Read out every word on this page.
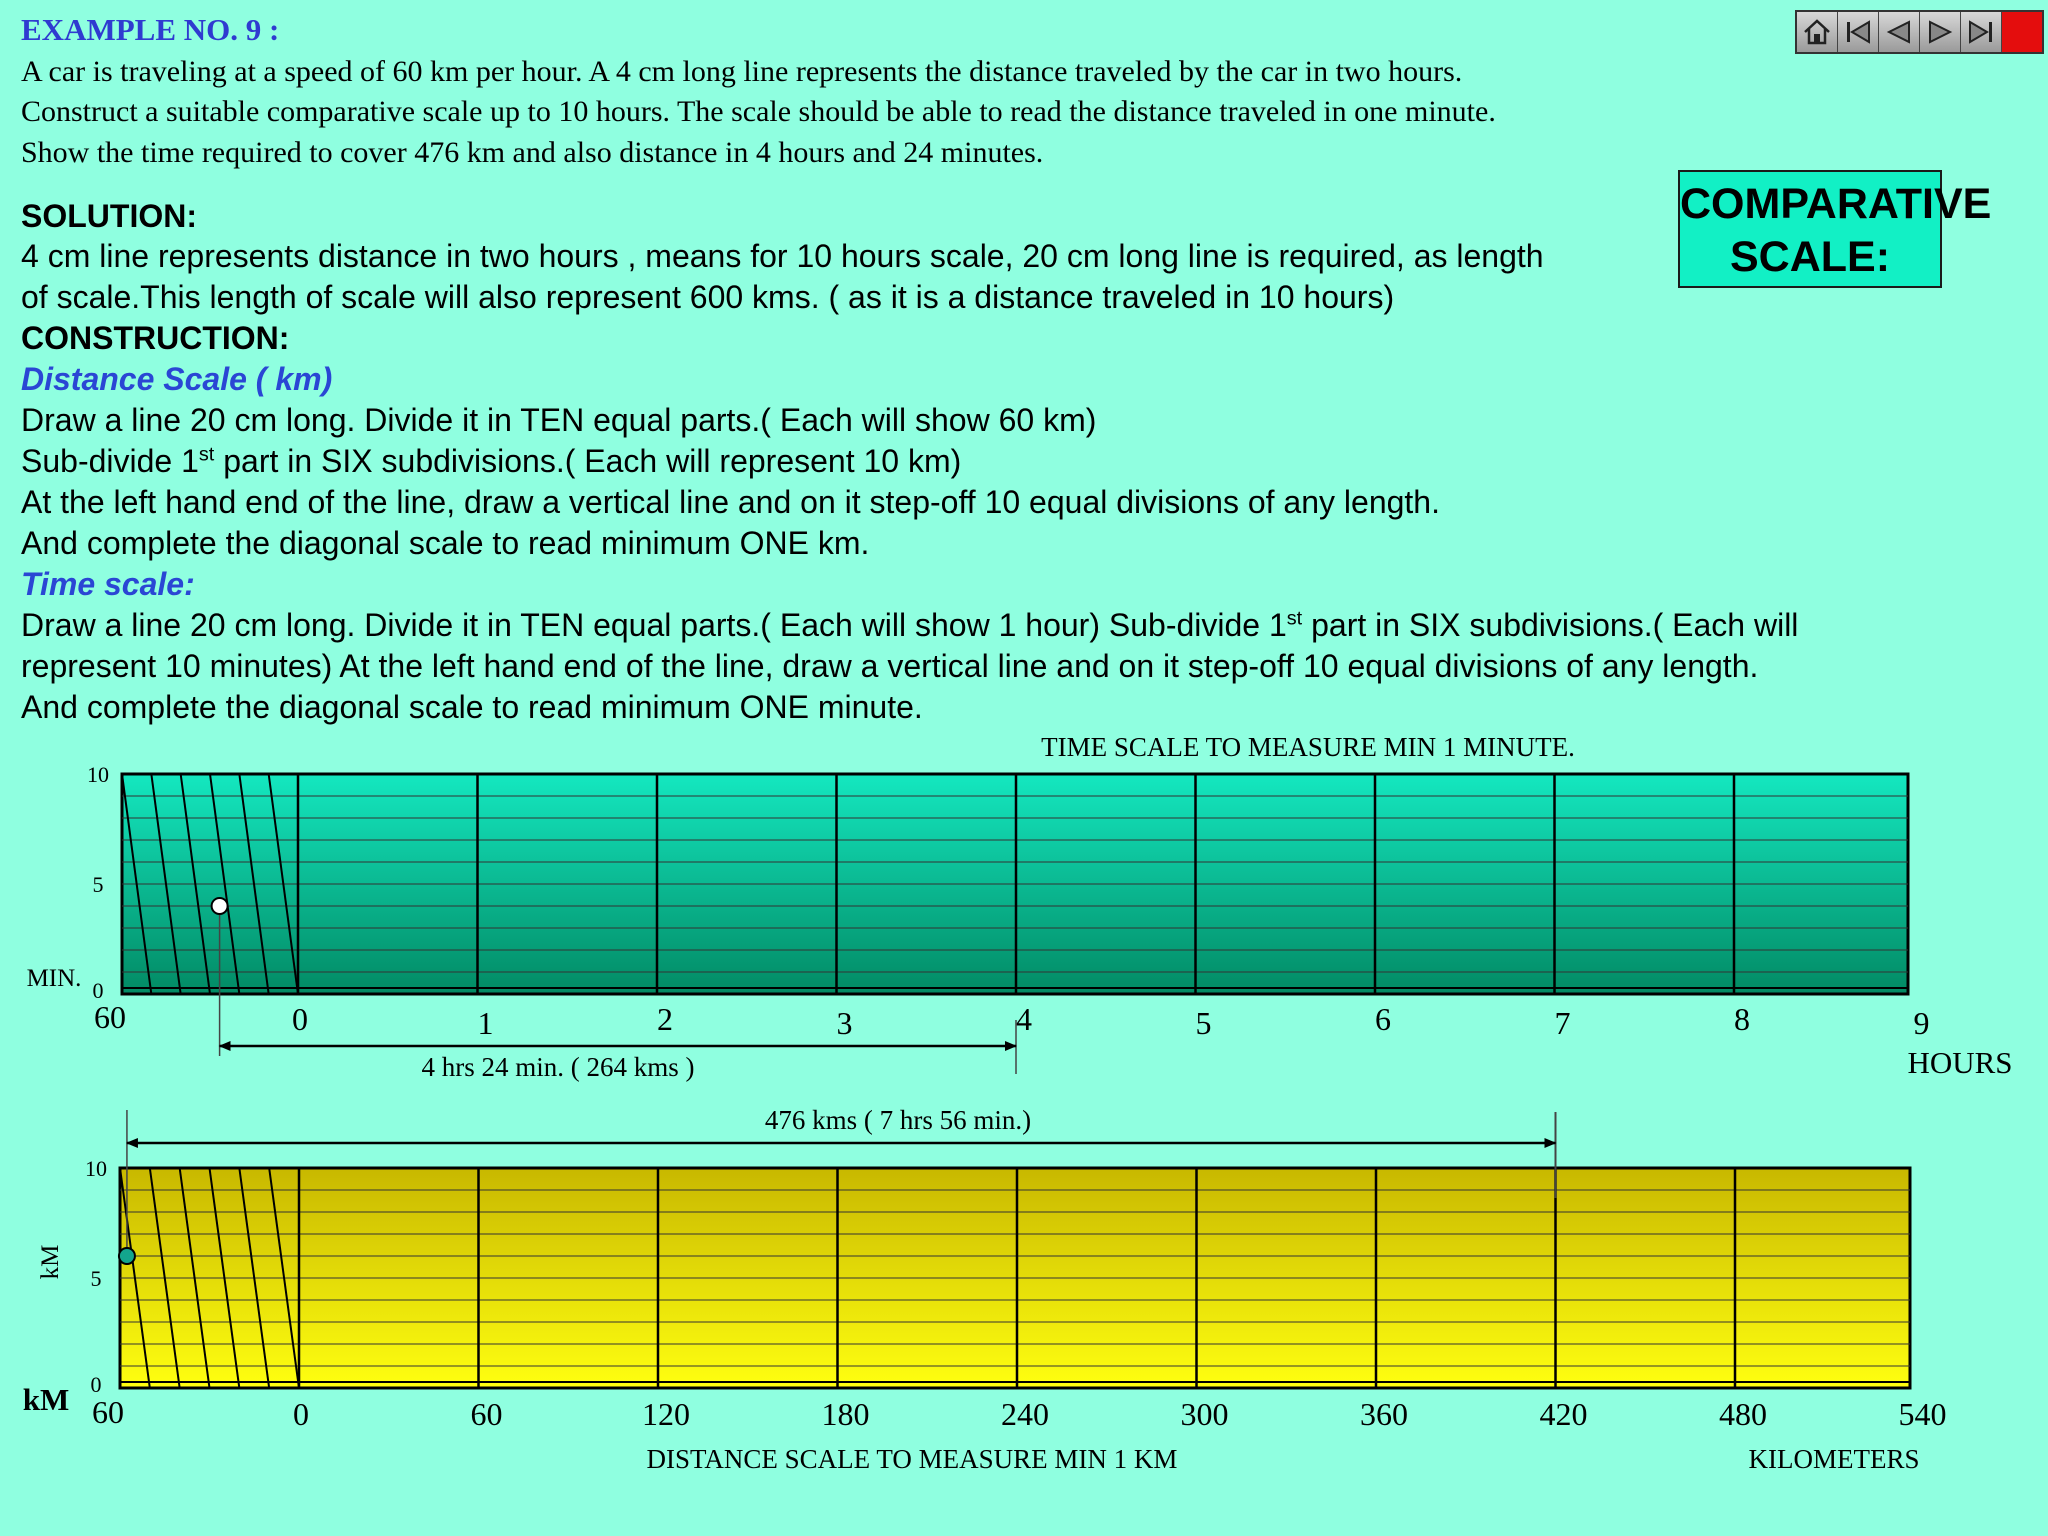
EXAMPLE NO. 9 :
A car is traveling at a speed of 60 km per hour. A 4 cm long line represents the distance traveled by the car in two hours.
Construct a suitable comparative scale up to 10 hours. The scale should be able to read the distance traveled in one minute.
Show the time required to cover 476 km and also distance in 4 hours and 24 minutes.
SOLUTION:
4 cm line represents distance in two hours , means for 10 hours scale, 20 cm long line is required, as length
of scale.This length of scale will also represent 600 kms. ( as it is a distance traveled in 10 hours)
CONSTRUCTION:
Distance Scale ( km)
Draw a line 20 cm long. Divide it in TEN equal parts.( Each will show 60 km)
Sub-divide 1st part in SIX subdivisions.( Each will represent 10 km)
At the left hand end of the line, draw a vertical line and on it step-off 10 equal divisions of any length.
And complete the diagonal scale to read minimum ONE km.
Time scale:
Draw a line 20 cm long. Divide it in TEN equal parts.( Each will show 1 hour) Sub-divide 1st part in SIX subdivisions.( Each will
represent 10 minutes) At the left hand end of the line, draw a vertical line and on it step-off 10 equal divisions of any length.
And complete the diagonal scale to read minimum ONE minute.
COMPARATIVE SCALE:
10
5
0
0	1	2	3	4	5	6	7	8	9
60
TIME SCALE TO MEASURE MIN 1 MINUTE.
MIN.
HOURS
4 hrs 24 min. ( 264 kms )
10
5
0
0	60	120	180	240	300	360	420	480	540
60
kM
kM
DISTANCE SCALE TO MEASURE MIN 1 KM	KILOMETERS
476 kms ( 7 hrs 56 min.)
